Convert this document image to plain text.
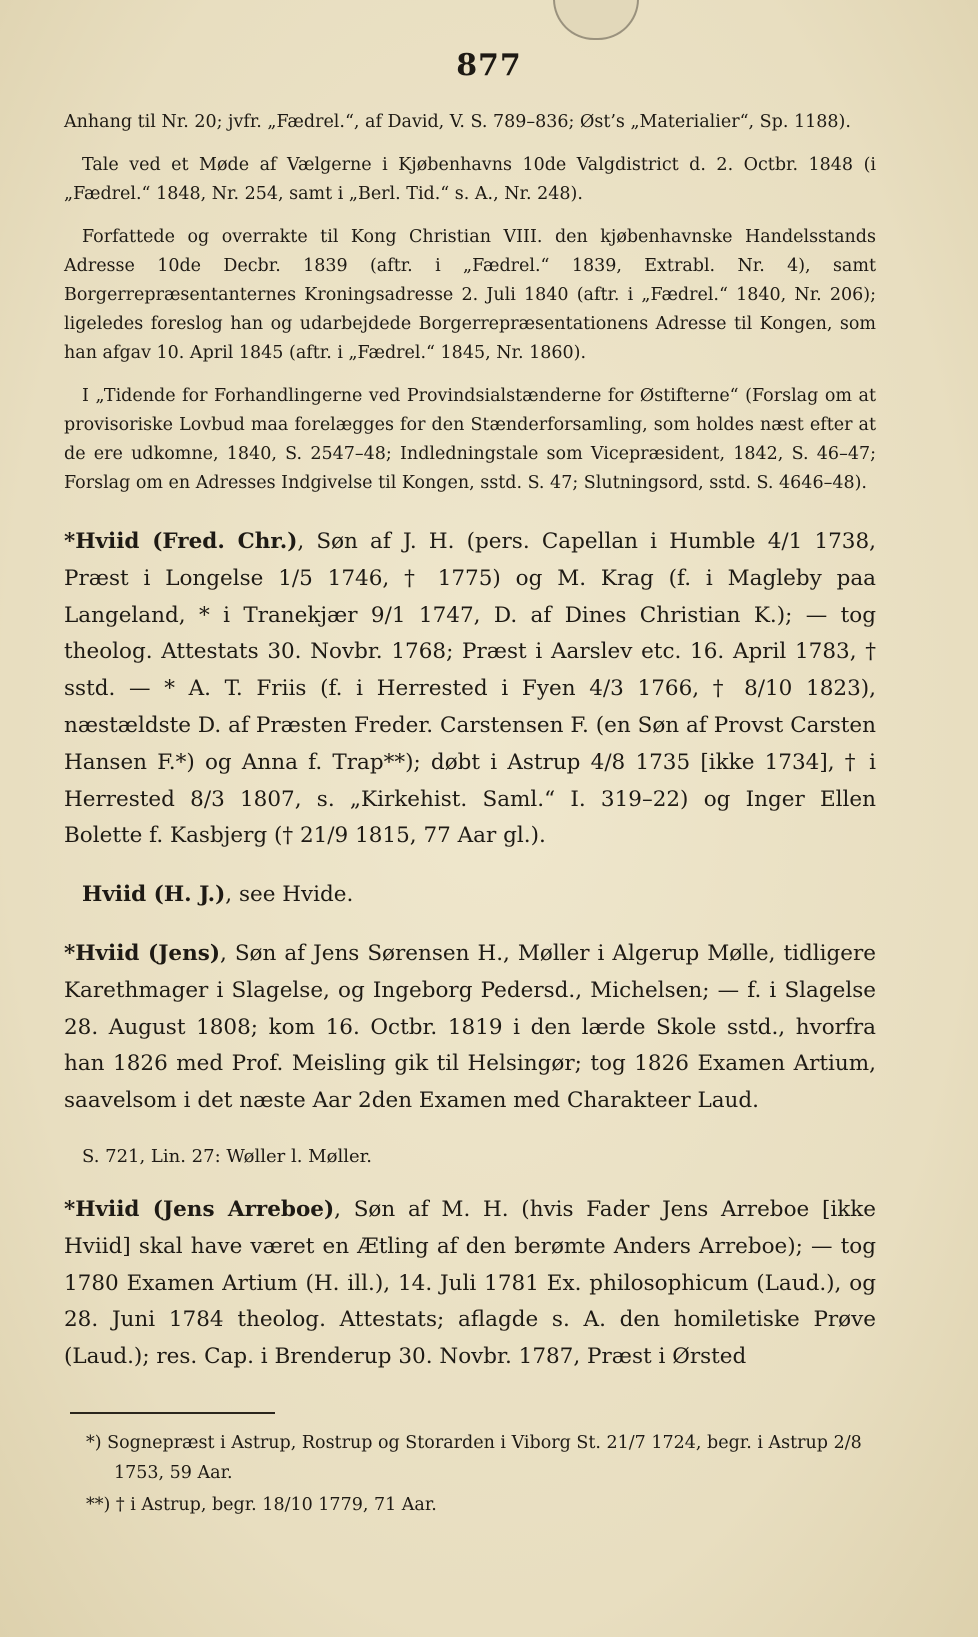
877

Anhang til Nr. 20; jvfr. „Fædrel.“, af David, V. S. 789–836; Øst’s „Materialier“, Sp. 1188).

Tale ved et Møde af Vælgerne i Kjøbenhavns 10de Valgdistrict d. 2. Octbr. 1848 (i „Fædrel.“ 1848, Nr. 254, samt i „Berl. Tid.“ s. A., Nr. 248).

Forfattede og overrakte til Kong Christian VIII. den kjøbenhavnske Handelsstands Adresse 10de Decbr. 1839 (aftr. i „Fædrel.“ 1839, Extrabl. Nr. 4), samt Borgerrepræsentanternes Kroningsadresse 2. Juli 1840 (aftr. i „Fædrel.“ 1840, Nr. 206); ligeledes foreslog han og udarbejdede Borgerrepræsentationens Adresse til Kongen, som han afgav 10. April 1845 (aftr. i „Fædrel.“ 1845, Nr. 1860).

I „Tidende for Forhandlingerne ved Provindsialstænderne for Østifterne“ (Forslag om at provisoriske Lovbud maa forelægges for den Stænderforsamling, som holdes næst efter at de ere udkomne, 1840, S. 2547–48; Indledningstale som Vicepræsident, 1842, S. 46–47; Forslag om en Adresses Indgivelse til Kongen, sstd. S. 47; Slutningsord, sstd. S. 4646–48).

*Hviid (Fred. Chr.), Søn af J. H. (pers. Capellan i Humble 4/1 1738, Præst i Longelse 1/5 1746, † 1775) og M. Krag (f. i Magleby paa Langeland, * i Tranekjær 9/1 1747, D. af Dines Christian K.); — tog theolog. Attestats 30. Novbr. 1768; Præst i Aarslev etc. 16. April 1783, † sstd. — * A. T. Friis (f. i Herrested i Fyen 4/3 1766, † 8/10 1823), næstældste D. af Præsten Freder. Carstensen F. (en Søn af Provst Carsten Hansen F.*) og Anna f. Trap**); døbt i Astrup 4/8 1735 [ikke 1734], † i Herrested 8/3 1807, s. „Kirkehist. Saml.“ I. 319–22) og Inger Ellen Bolette f. Kasbjerg († 21/9 1815, 77 Aar gl.).

Hviid (H. J.), see Hvide.

*Hviid (Jens), Søn af Jens Sørensen H., Møller i Algerup Mølle, tidligere Karethmager i Slagelse, og Ingeborg Pedersd., Michelsen; — f. i Slagelse 28. August 1808; kom 16. Octbr. 1819 i den lærde Skole sstd., hvorfra han 1826 med Prof. Meisling gik til Helsingør; tog 1826 Examen Artium, saavelsom i det næste Aar 2den Examen med Charakteer Laud.

S. 721, Lin. 27: Wøller l. Møller.

*Hviid (Jens Arreboe), Søn af M. H. (hvis Fader Jens Arreboe [ikke Hviid] skal have været en Ætling af den berømte Anders Arreboe); — tog 1780 Examen Artium (H. ill.), 14. Juli 1781 Ex. philosophicum (Laud.), og 28. Juni 1784 theolog. Attestats; aflagde s. A. den homiletiske Prøve (Laud.); res. Cap. i Brenderup 30. Novbr. 1787, Præst i Ørsted

*) Sognepræst i Astrup, Rostrup og Storarden i Viborg St. 21/7 1724, begr. i Astrup 2/8 1753, 59 Aar.

**) † i Astrup, begr. 18/10 1779, 71 Aar.
